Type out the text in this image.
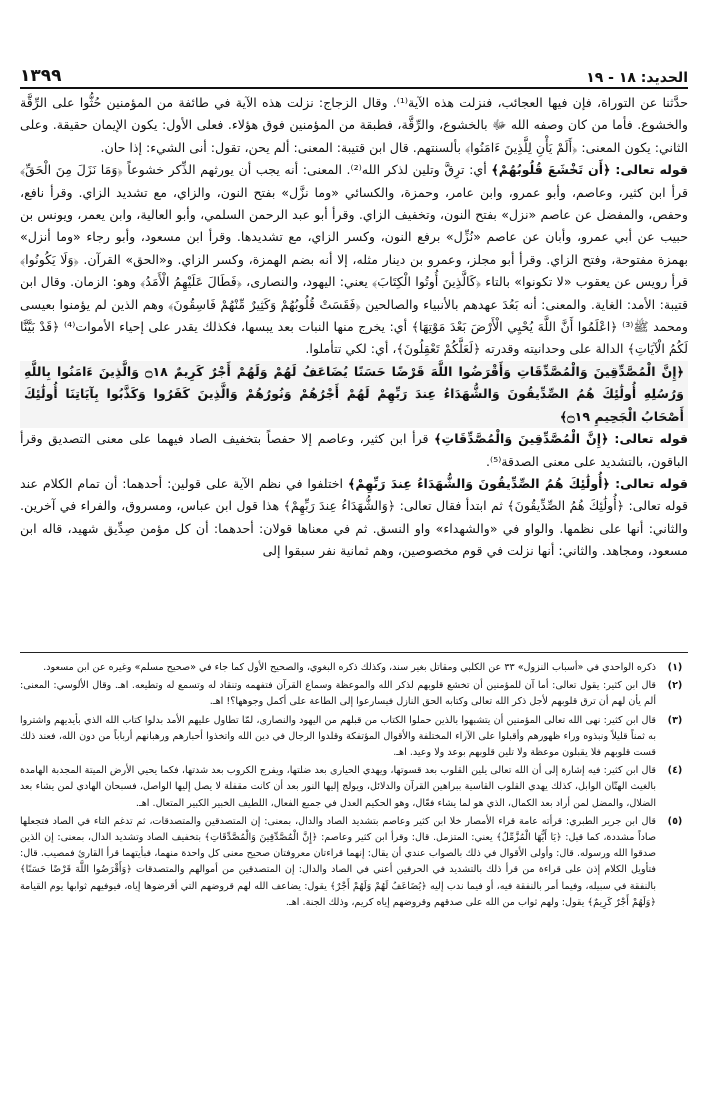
الحديد: ١٨ - ١٩
١٣٩٩

حدَّثنا عن التوراة، فإن فيها العجائب، فنزلت هذه الآية⁽¹⁾. وقال الزجاج: نزلت هذه الآية في طائفة من المؤمنين حُثُّوا على الرِّقَّة والخشوع. فأما من كان وصفه الله ﷻ بالخشوع، والرِّقَّة، فطبقة من المؤمنين فوق هؤلاء. فعلى الأول: يكون الإيمان حقيقة. وعلى الثاني: يكون المعنى: ﴿أَلَمْ يَأْنِ لِلَّذِينَ ءَامَنُوا﴾ بألسنتهم. قال ابن قتيبة: المعنى: ألم يحن، تقول: أنى الشيء: إذا حان.

قوله تعالى: ﴿أَن تَخْشَعَ قُلُوبُهُمْ﴾ أي: ترِقَّ وتلين لذكر الله⁽²⁾. المعنى: أنه يجب أن يورثهم الذِّكر خشوعاً ﴿وَمَا نَزَلَ مِنَ الْحَقِّ﴾ قرأ ابن كثير، وعاصم، وأبو عمرو، وابن عامر، وحمزة، والكسائي «وما نزَّل» بفتح النون، والزاي، مع تشديد الزاي. وقرأ نافع، وحفص، والمفضل عن عاصم «نزل» بفتح النون، وتخفيف الزاي. وقرأ أبو عبد الرحمن السلمي، وأبو العالية، وابن يعمر، ويونس بن حبيب عن أبي عمرو، وأبان عن عاصم «نُزِّل» برفع النون، وكسر الزاي، مع تشديدها. وقرأ ابن مسعود، وأبو رجاء «وما أنزل» بهمزة مفتوحة، وفتح الزاي. وقرأ أبو مجلز، وعمرو بن دينار مثله، إلا أنه بضم الهمزة، وكسر الزاي. و«الحق» القرآن. ﴿وَلَا يَكُونُوا﴾ قرأ رويس عن يعقوب «لا تكونوا» بالتاء ﴿كَالَّذِينَ أُوتُوا الْكِتَابَ﴾ يعني: اليهود، والنصارى، ﴿فَطَالَ عَلَيْهِمُ الْأَمَدُ﴾ وهو: الزمان. وقال ابن قتيبة: الأمد: الغاية. والمعنى: أنه بَعُدَ عهدهم بالأنبياء والصالحين ﴿فَقَسَتْ قُلُوبُهُمْ وَكَثِيرٌ مِّنْهُمْ فَاسِقُونَ﴾ وهم الذين لم يؤمنوا بعيسى ومحمد ﷺ⁽³⁾ ﴿اعْلَمُوا أَنَّ اللَّهَ يُحْيِي الْأَرْضَ بَعْدَ مَوْتِهَا﴾ أي: يخرج منها النبات بعد يبسها، فكذلك يقدر على إحياء الأموات⁽⁴⁾ ﴿قَدْ بَيَّنَّا لَكُمُ الْآيَاتِ﴾ الدالة على وحدانيته وقدرته ﴿لَعَلَّكُمْ تَعْقِلُونَ﴾، أي: لكي تتأملوا.

﴿إِنَّ الْمُصَّدِّقِينَ وَالْمُصَّدِّقَاتِ وَأَقْرَضُوا اللَّهَ قَرْضًا حَسَنًا يُضَاعَفُ لَهُمْ وَلَهُمْ أَجْرٌ كَرِيمٌ ۝١٨ وَالَّذِينَ ءَامَنُوا بِاللَّهِ وَرُسُلِهِ أُولَٰئِكَ هُمُ الصِّدِّيقُونَ وَالشُّهَدَاءُ عِندَ رَبِّهِمْ لَهُمْ أَجْرُهُمْ وَنُورُهُمْ وَالَّذِينَ كَفَرُوا وَكَذَّبُوا بِآيَاتِنَا أُولَٰئِكَ أَصْحَابُ الْجَحِيمِ ۝١٩﴾

قوله تعالى: ﴿إِنَّ الْمُصَّدِّقِينَ وَالْمُصَّدِّقَاتِ﴾ قرأ ابن كثير، وعاصم إلا حفصاً بتخفيف الصاد فيهما على معنى التصديق وقرأ الباقون، بالتشديد على معنى الصدقة⁽⁵⁾.

قوله تعالى: ﴿أُولَٰئِكَ هُمُ الصِّدِّيقُونَ وَالشُّهَدَاءُ عِندَ رَبِّهِمْ﴾ اختلفوا في نظم الآية على قولين: أحدهما: أن تمام الكلام عند قوله تعالى: ﴿أُولَٰئِكَ هُمُ الصِّدِّيقُونَ﴾ ثم ابتدأ فقال تعالى: ﴿وَالشُّهَدَاءُ عِندَ رَبِّهِمْ﴾ هذا قول ابن عباس، ومسروق، والفراء في آخرين. والثاني: أنها على نظمها. والواو في «والشهداء» واو النسق. ثم في معناها قولان: أحدهما: أن كل مؤمن صِدِّيق شهيد، قاله ابن مسعود، ومجاهد. والثاني: أنها نزلت في قوم مخصوصين، وهم ثمانية نفر سبقوا إلى

(١)
ذكره الواحدي في «أسباب النزول» ٣٣ عن الكلبي ومقاتل بغير سند، وكذلك ذكره البغوي، والصحيح الأول كما جاء في «صحيح مسلم» وغيره عن ابن مسعود.
(٢)
قال ابن كثير: يقول تعالى: أما آن للمؤمنين أن تخشع قلوبهم لذكر الله والموعظة وسماع القرآن فتفهمه وتنقاد له وتسمع له وتطيعه. اهـ. وقال الألوسي: المعنى: ألم يأن لهم أن ترق قلوبهم لأجل ذكر الله تعالى وكتابه الحق النازل فيسارعوا إلى الطاعة على أكمل وجوهها؟! اهـ.
(٣)
قال ابن كثير: نهى الله تعالى المؤمنين أن يتشبهوا بالذين حملوا الكتاب من قبلهم من اليهود والنصارى، لمّا تطاول عليهم الأمد بدلوا كتاب الله الذي بأيديهم واشتروا به ثمناً قليلاً ونبذوه وراء ظهورهم وأقبلوا على الآراء المختلفة والأقوال المؤتفكة وقلدوا الرجال في دين الله واتخذوا أحبارهم ورهبانهم أرباباً من دون الله، فعند ذلك قست قلوبهم فلا يقبلون موعظة ولا تلين قلوبهم بوعد ولا وعيد. اهـ.
(٤)
قال ابن كثير: فيه إشارة إلى أن الله تعالى يلين القلوب بعد قسوتها، ويهدي الحيارى بعد ضلتها، ويفرج الكروب بعد شدتها، فكما يحيي الأرض الميتة المجدبة الهامدة بالغيث الهتّان الوابل، كذلك يهدي القلوب القاسية ببراهين القرآن والدلائل، ويولج إليها النور بعد أن كانت مقفلة لا يصل إليها الواصل، فسبحان الهادي لمن يشاء بعد الضلال، والمضل لمن أراد بعد الكمال، الذي هو لما يشاء فعّال، وهو الحكيم العدل في جميع الفعال، اللطيف الخبير الكبير المتعال. اهـ.
(٥)
قال ابن جرير الطبري: قرأته عامة قراء الأمصار خلا ابن كثير وعاصم بتشديد الصاد والدال، بمعنى: إن المتصدقين والمتصدقات، ثم تدغم التاء في الصاد فتجعلها صاداً مشددة، كما قيل: ﴿يَا أَيُّهَا الْمُزَّمِّلُ﴾ يعني: المتزمل. قال: وقرأ ابن كثير وعاصم: ﴿إِنَّ الْمُصَّدِّقِينَ وَالْمُصَّدِّقَاتِ﴾ بتخفيف الصاد وتشديد الدال، بمعنى: إن الذين صدقوا الله ورسوله. قال: وأولى الأقوال في ذلك بالصواب عندي أن يقال: إنهما قراءتان معروفتان صحيح معنى كل واحدة منهما، فبأيتهما قرأ القارئ فمصيب. قال: فتأويل الكلام إذن على قراءة من قرأ ذلك بالتشديد في الحرفين أعني في الصاد والدال: إن المتصدقين من أموالهم والمتصدقات ﴿وَأَقْرَضُوا اللَّهَ قَرْضًا حَسَنًا﴾ بالنفقة في سبيله، وفيما أمر بالنفقة فيه، أو فيما ندب إليه ﴿يُضَاعَفُ لَهُمْ وَلَهُمْ أَجْرٌ﴾ يقول: يضاعف الله لهم قروضهم التي أقرضوها إياه، فيوفيهم ثوابها يوم القيامة ﴿وَلَهُمْ أَجْرٌ كَرِيمٌ﴾ يقول: ولهم ثواب من الله على صدقهم وقروضهم إياه كريم، وذلك الجنة. اهـ.
